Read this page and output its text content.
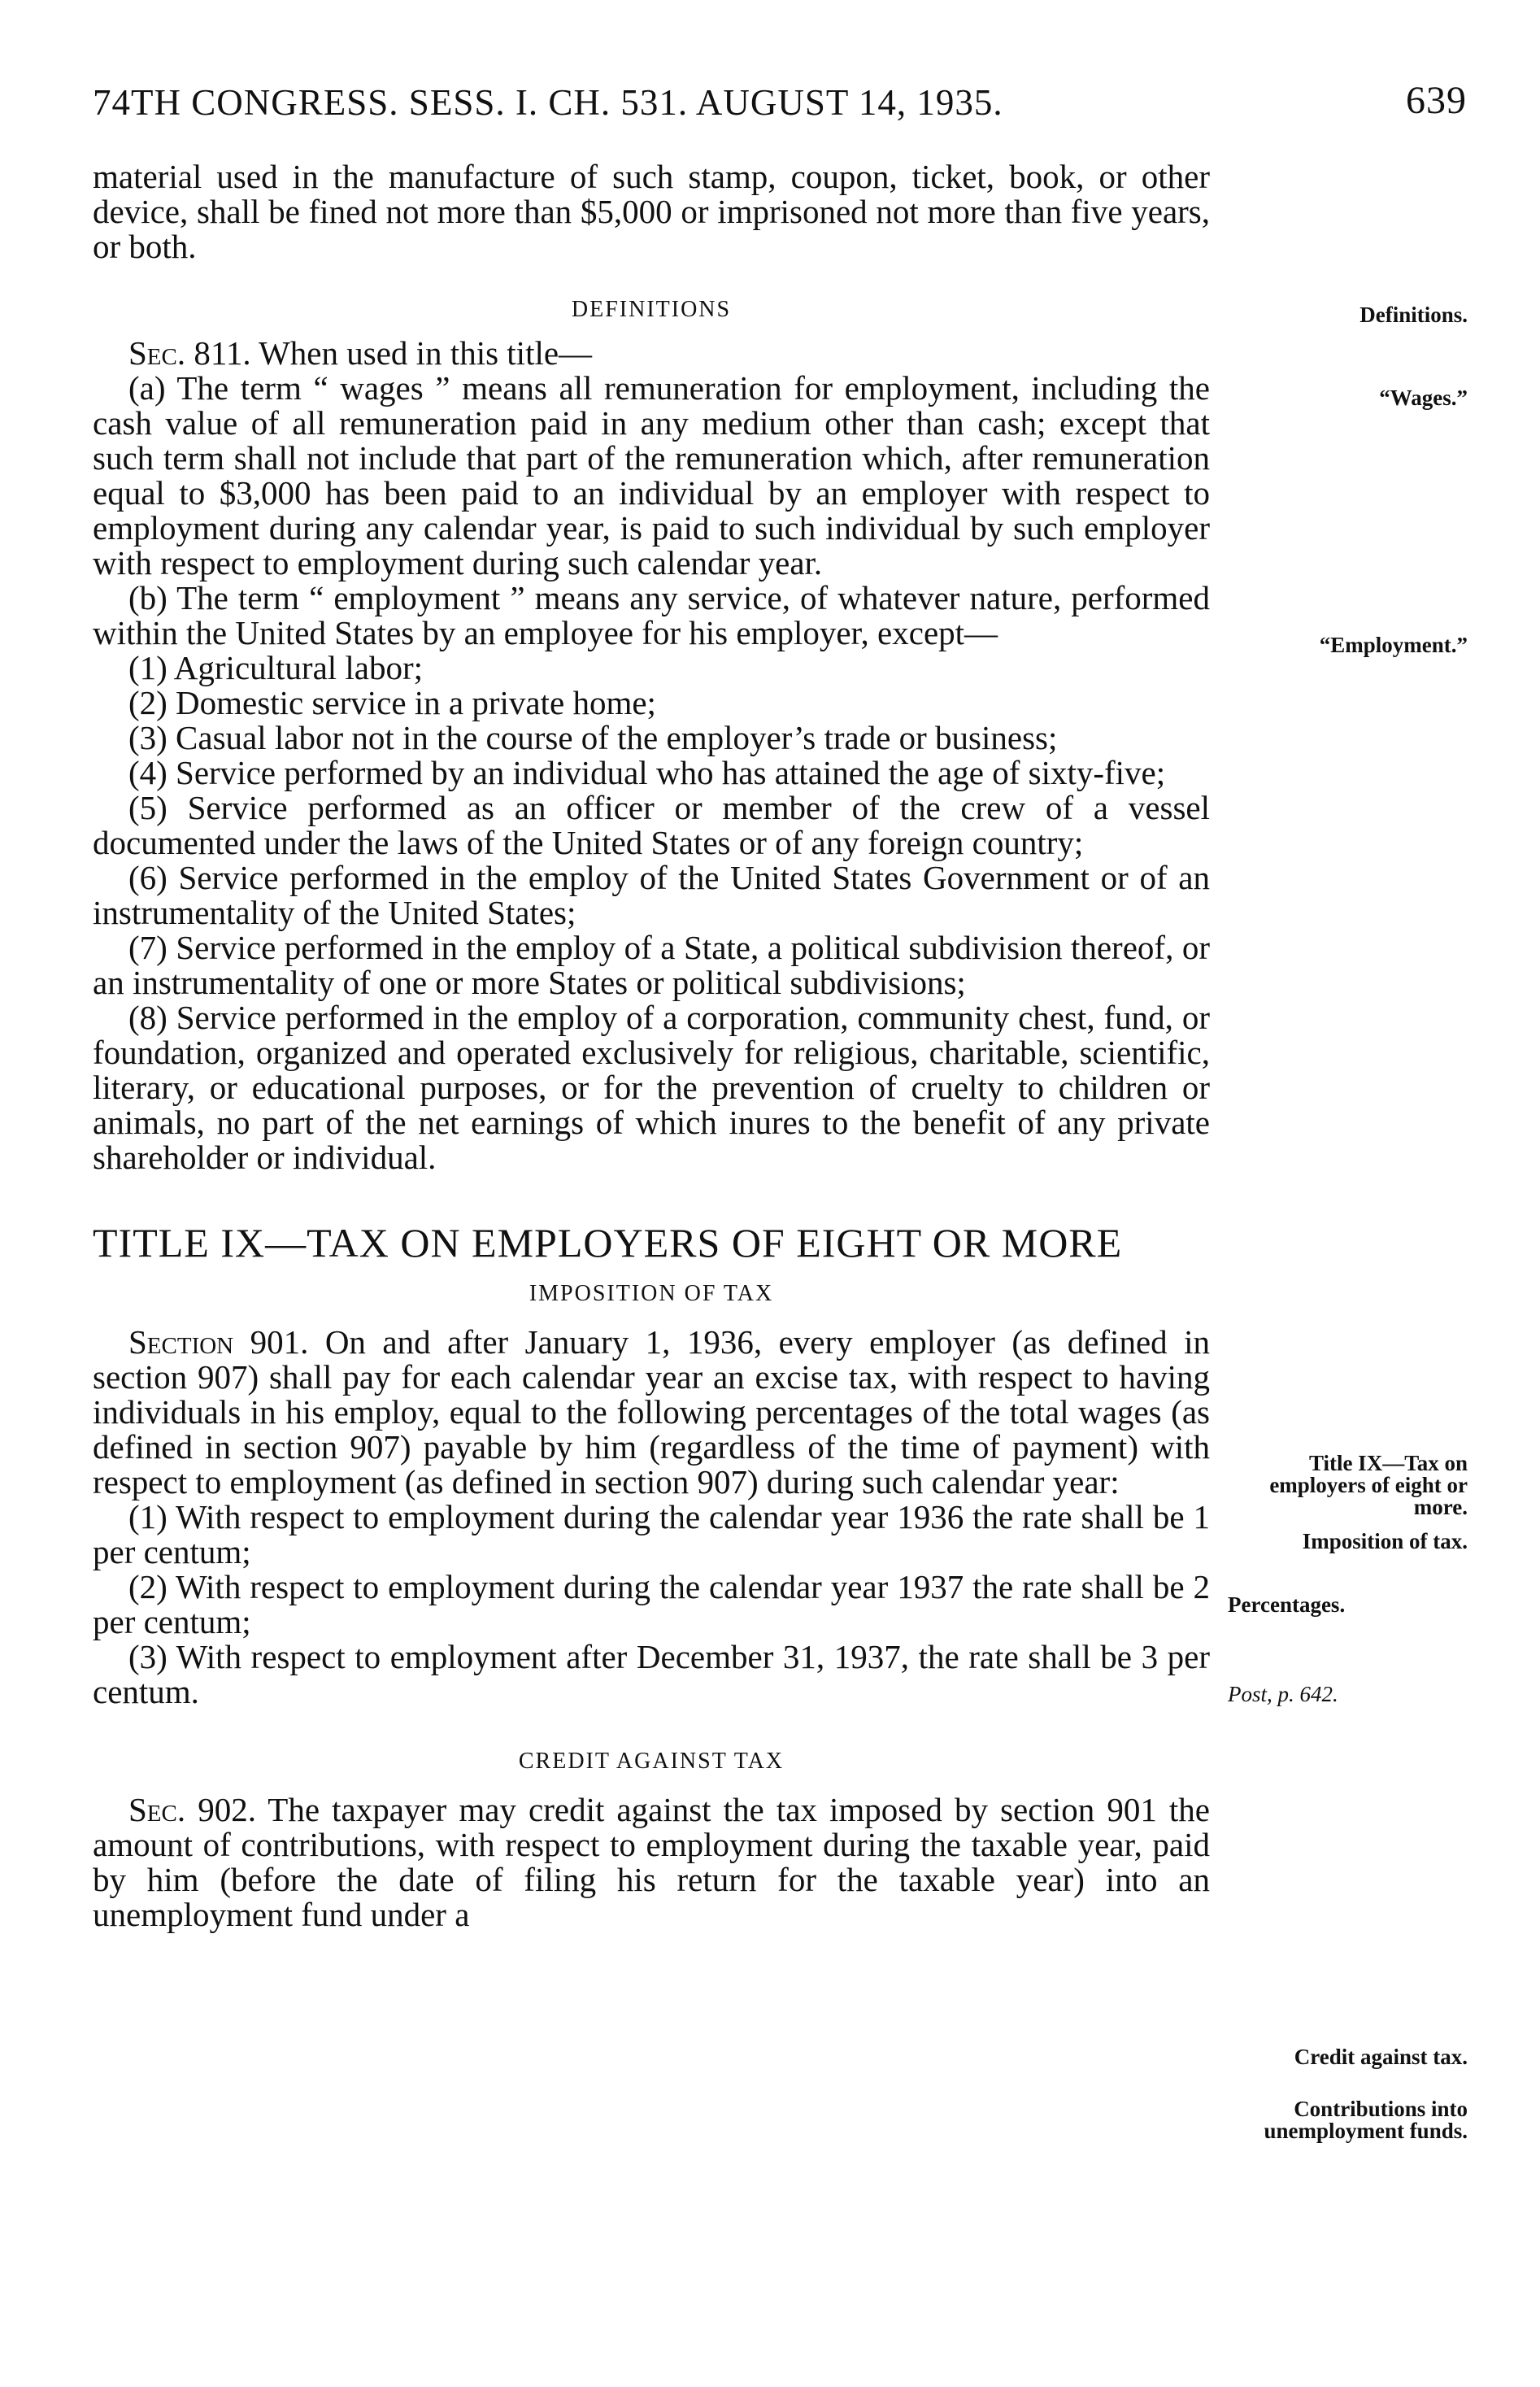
74TH CONGRESS. SESS. I. CH. 531. AUGUST 14, 1935.	639

material used in the manufacture of such stamp, coupon, ticket, book, or other device, shall be fined not more than $5,000 or imprisoned not more than five years, or both.

DEFINITIONS

Sec. 811. When used in this title—

(a) The term “ wages ” means all remuneration for employment, including the cash value of all remuneration paid in any medium other than cash; except that such term shall not include that part of the remuneration which, after remuneration equal to $3,000 has been paid to an individual by an employer with respect to employment during any calendar year, is paid to such individual by such employer with respect to employment during such calendar year.

(b) The term “ employment ” means any service, of whatever nature, performed within the United States by an employee for his employer, except—

(1) Agricultural labor;

(2) Domestic service in a private home;

(3) Casual labor not in the course of the employer’s trade or business;

(4) Service performed by an individual who has attained the age of sixty-five;

(5) Service performed as an officer or member of the crew of a vessel documented under the laws of the United States or of any foreign country;

(6) Service performed in the employ of the United States Government or of an instrumentality of the United States;

(7) Service performed in the employ of a State, a political subdivision thereof, or an instrumentality of one or more States or political subdivisions;

(8) Service performed in the employ of a corporation, community chest, fund, or foundation, organized and operated exclusively for religious, charitable, scientific, literary, or educational purposes, or for the prevention of cruelty to children or animals, no part of the net earnings of which inures to the benefit of any private shareholder or individual.

TITLE IX—TAX ON EMPLOYERS OF EIGHT OR MORE

IMPOSITION OF TAX

Section 901. On and after January 1, 1936, every employer (as defined in section 907) shall pay for each calendar year an excise tax, with respect to having individuals in his employ, equal to the following percentages of the total wages (as defined in section 907) payable by him (regardless of the time of payment) with respect to employment (as defined in section 907) during such calendar year:

(1) With respect to employment during the calendar year 1936 the rate shall be 1 per centum;

(2) With respect to employment during the calendar year 1937 the rate shall be 2 per centum;

(3) With respect to employment after December 31, 1937, the rate shall be 3 per centum.

CREDIT AGAINST TAX

Sec. 902. The taxpayer may credit against the tax imposed by section 901 the amount of contributions, with respect to employment during the taxable year, paid by him (before the date of filing his return for the taxable year) into an unemployment fund under a

Definitions.
“Wages.”
“Employment.”
Title IX—Tax on employers of eight or more.
Imposition of tax.
Percentages.
Post, p. 642.
Credit against tax.
Contributions into unemployment funds.
